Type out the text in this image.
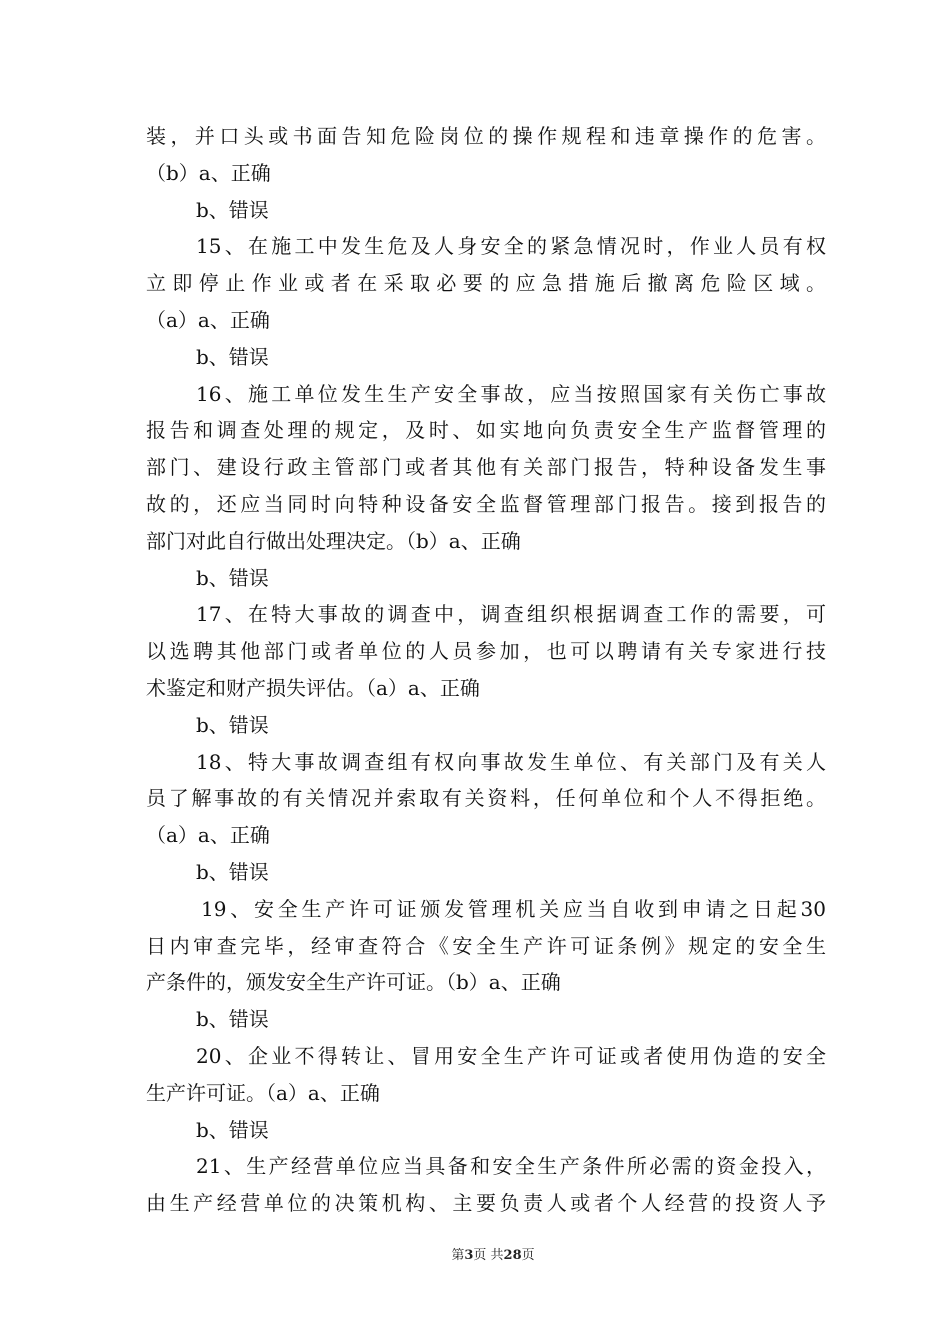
装，并口头或书面告知危险岗位的操作规程和违章操作的危害。
（b）a、正确
b、错误
15、在施工中发生危及人身安全的紧急情况时，作业人员有权
立即停止作业或者在采取必要的应急措施后撤离危险区域。
（a）a、正确
b、错误
16、施工单位发生生产安全事故，应当按照国家有关伤亡事故
报告和调查处理的规定，及时、如实地向负责安全生产监督管理的
部门、建设行政主管部门或者其他有关部门报告，特种设备发生事
故的，还应当同时向特种设备安全监督管理部门报告。接到报告的
部门对此自行做出处理决定。（b）a、正确
b、错误
17、在特大事故的调查中，调查组织根据调查工作的需要，可
以选聘其他部门或者单位的人员参加，也可以聘请有关专家进行技
术鉴定和财产损失评估。（a）a、正确
b、错误
18、特大事故调查组有权向事故发生单位、有关部门及有关人
员了解事故的有关情况并索取有关资料，任何单位和个人不得拒绝。
（a）a、正确
b、错误
19、安全生产许可证颁发管理机关应当自收到申请之日起30
日内审查完毕，经审查符合《安全生产许可证条例》规定的安全生
产条件的，颁发安全生产许可证。（b）a、正确
b、错误
20、企业不得转让、冒用安全生产许可证或者使用伪造的安全
生产许可证。（a）a、正确
b、错误
21、生产经营单位应当具备和安全生产条件所必需的资金投入，
由生产经营单位的决策机构、主要负责人或者个人经营的投资人予
第3页 共28页
